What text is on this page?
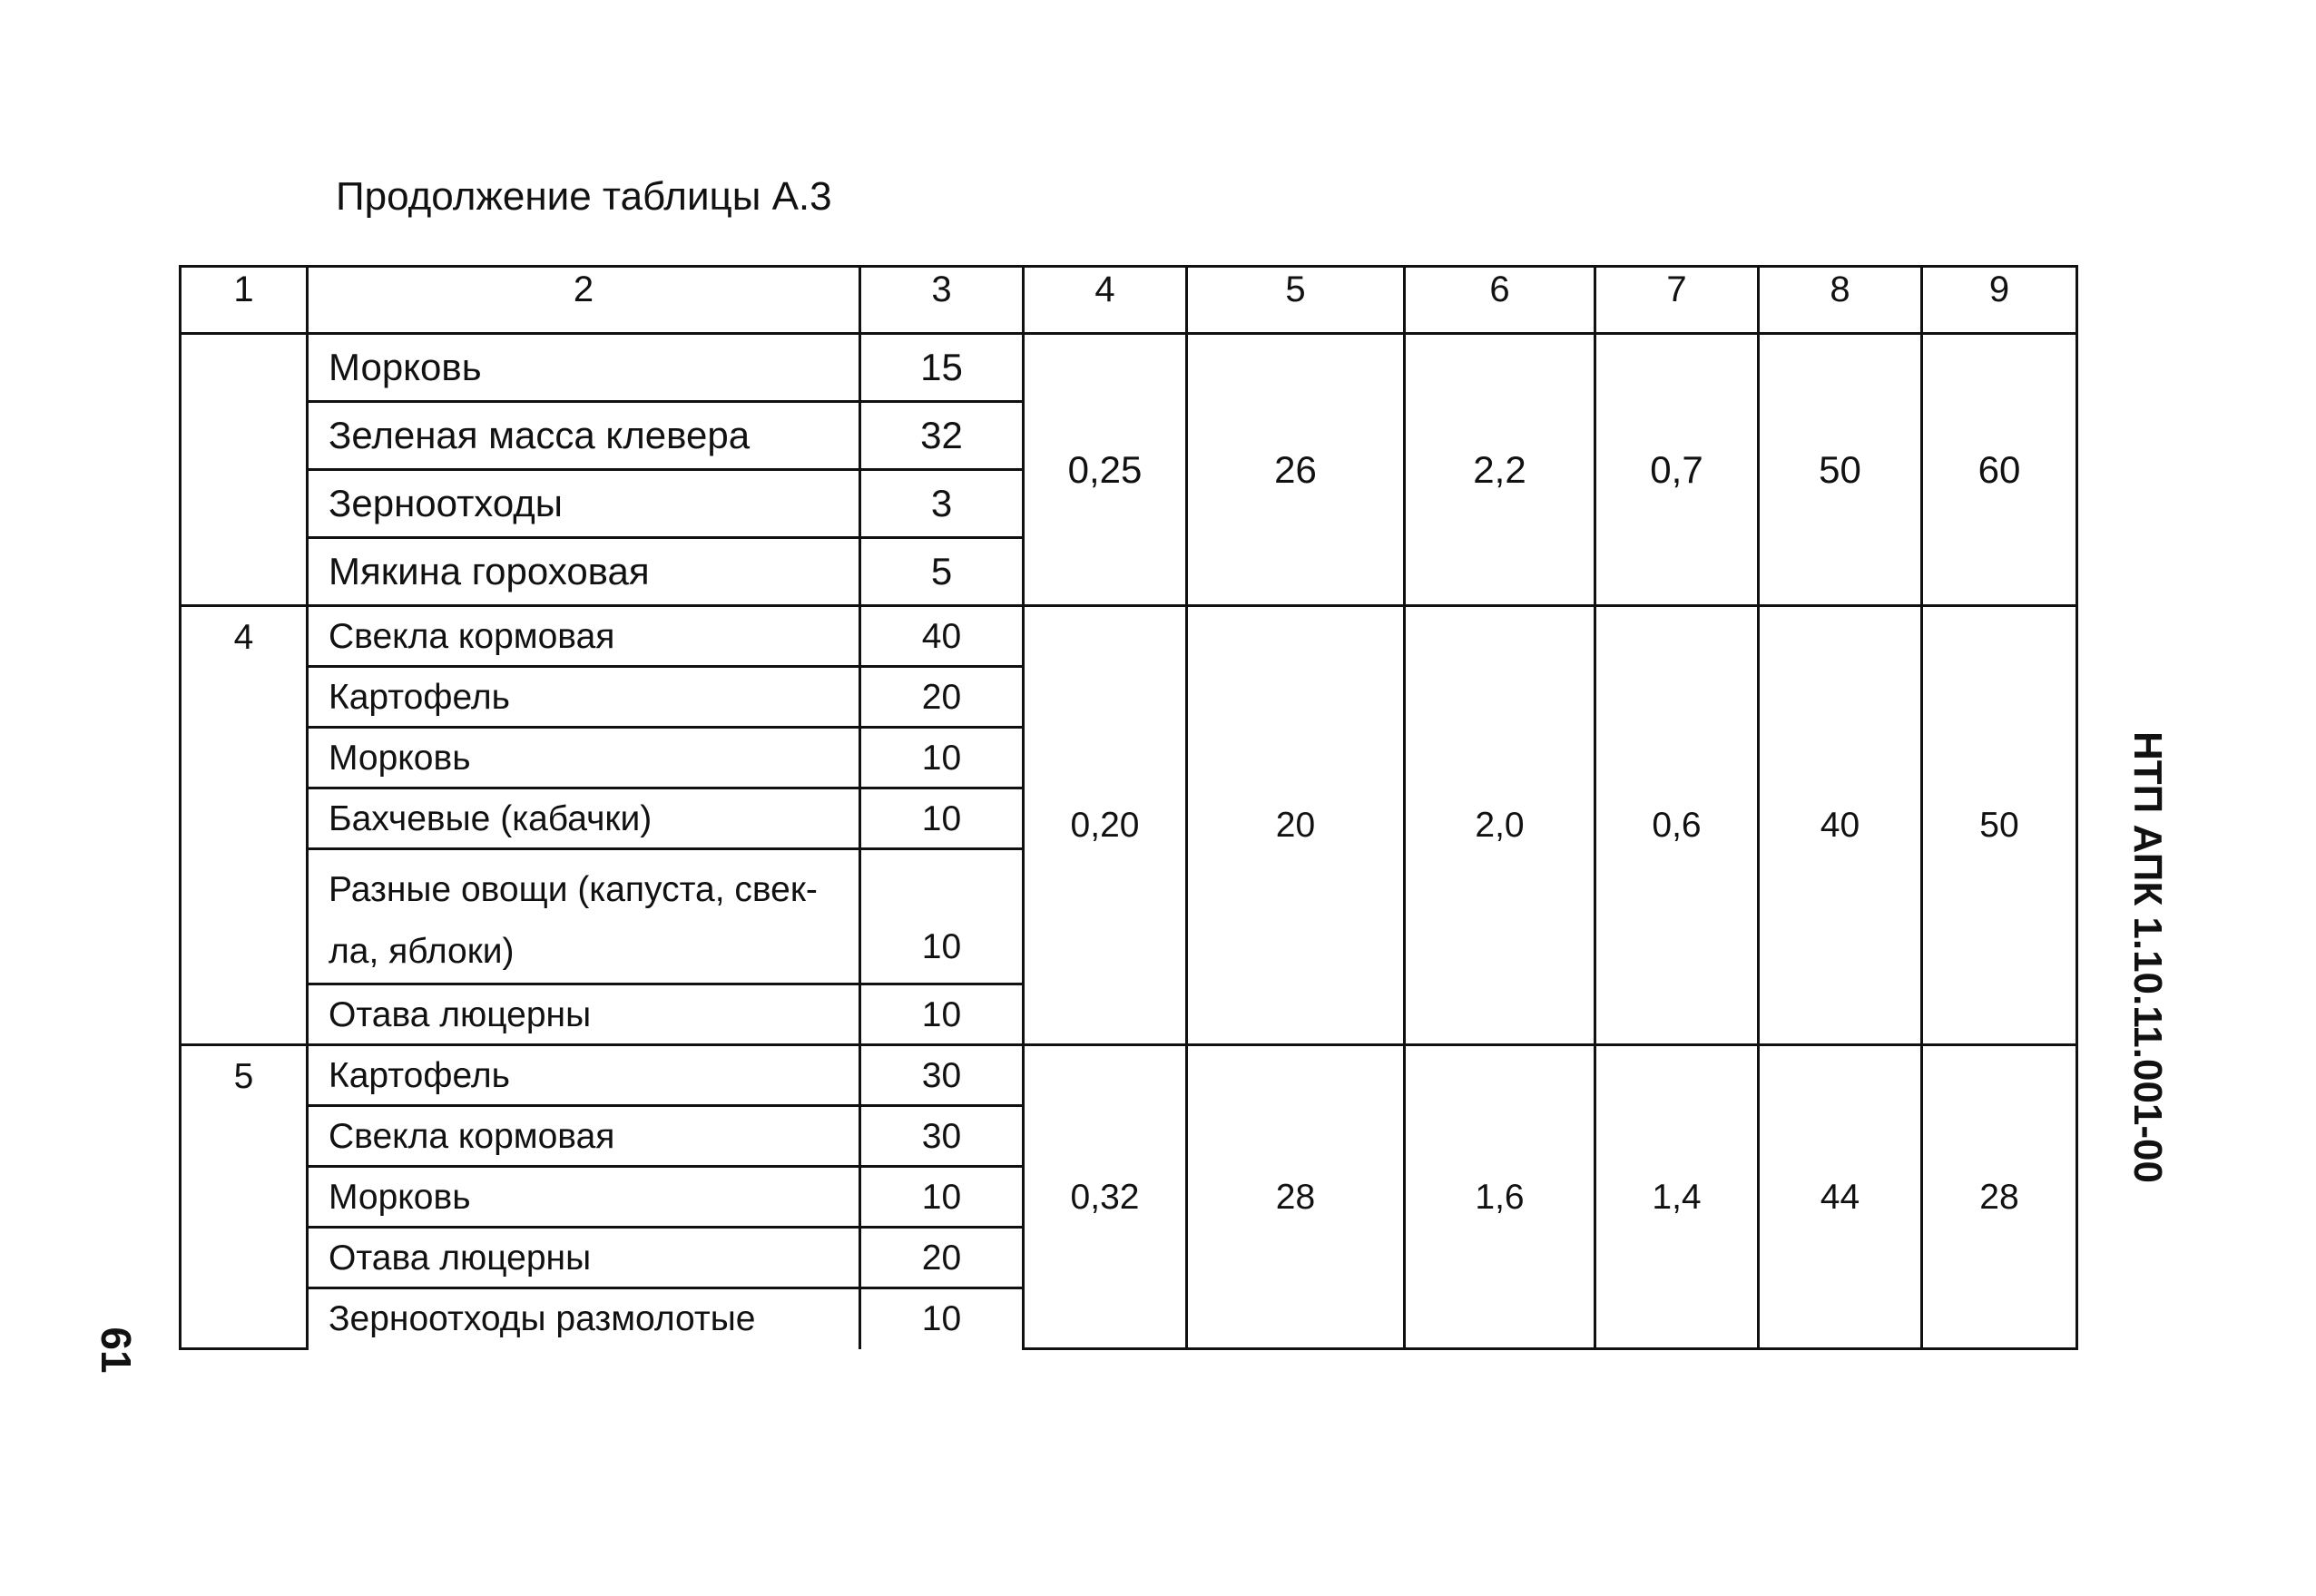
Продолжение таблицы А.3
1	2	3	4	5	6	7	8	9
	Морковь	15	0,25	26	2,2	0,7	50	60
	Зеленая масса клевера	32						
	Зерноотходы	3						
	Мякина гороховая	5						
4	Свекла кормовая	40	0,20	20	2,0	0,6	40	50
	Картофель	20						
	Морковь	10						
	Бахчевые (кабачки)	10						
	Разные овощи (капуста, свек-
ла, яблоки)	10						
	Отава люцерны	10						
5	Картофель	30	0,32	28	1,6	1,4	44	28
	Свекла кормовая	30						
	Морковь	10						
	Отава люцерны	20						
	Зерноотходы размолотые	10						
НТП АПК 1.10.11.001-00
61
